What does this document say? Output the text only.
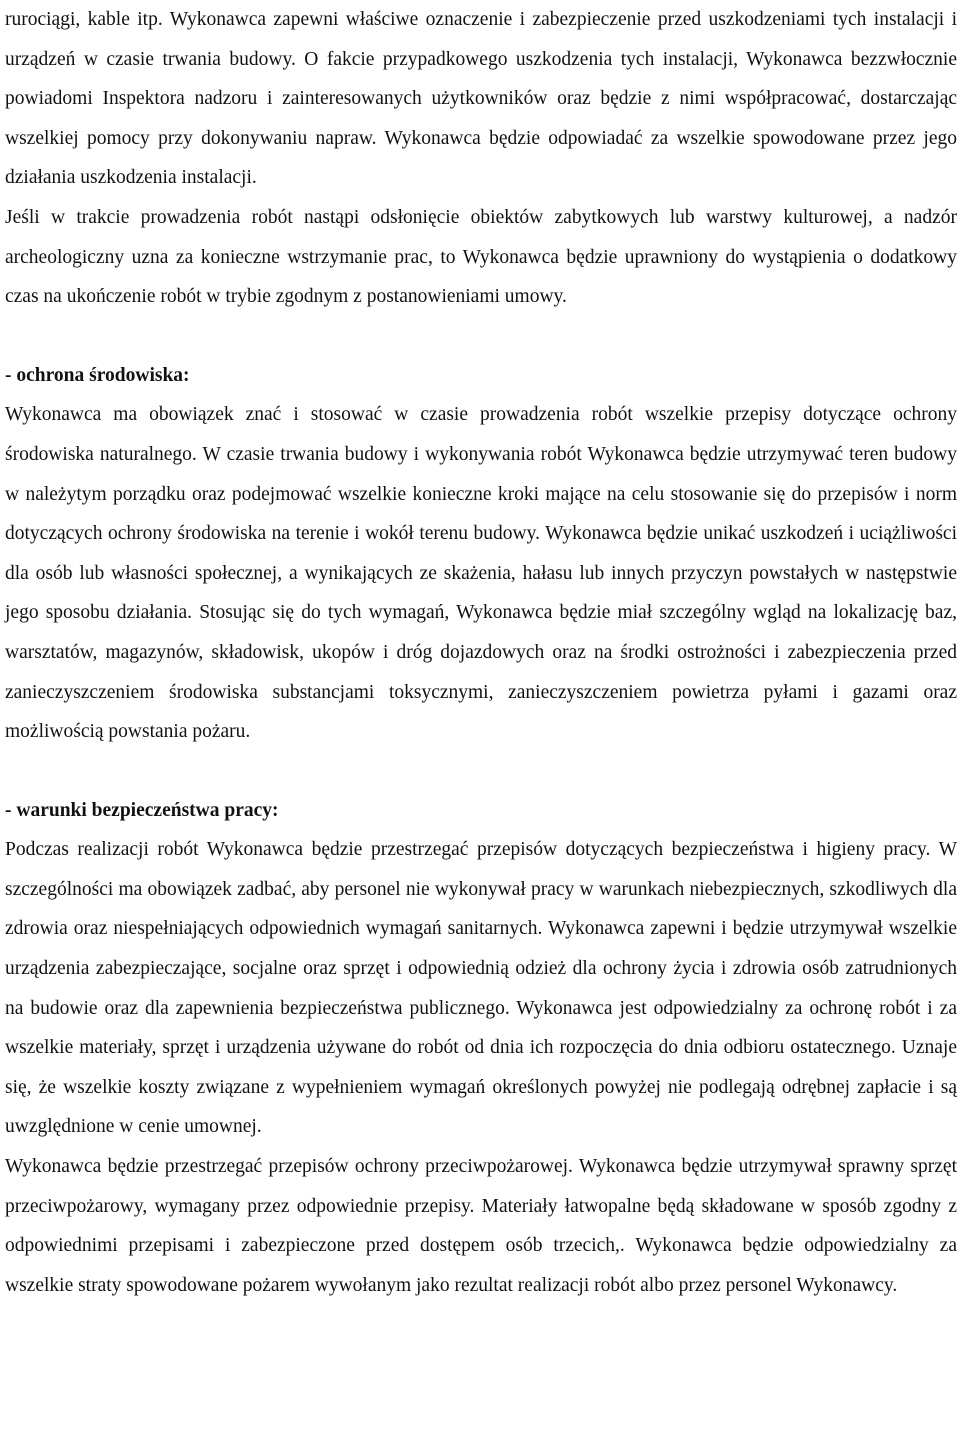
rurociągi, kable itp. Wykonawca zapewni właściwe oznaczenie i zabezpieczenie przed uszkodzeniami tych instalacji i urządzeń w czasie trwania budowy. O fakcie przypadkowego uszkodzenia tych instalacji, Wykonawca bezzwłocznie powiadomi Inspektora nadzoru i zainteresowanych użytkowników oraz będzie z nimi współpracować, dostarczając wszelkiej pomocy przy dokonywaniu napraw. Wykonawca będzie odpowiadać za wszelkie spowodowane przez jego działania uszkodzenia instalacji.

Jeśli w trakcie prowadzenia robót nastąpi odsłonięcie obiektów zabytkowych lub warstwy kulturowej, a nadzór archeologiczny uzna za konieczne wstrzymanie prac, to Wykonawca będzie uprawniony do wystąpienia o dodatkowy czas na ukończenie robót w trybie zgodnym z postanowieniami umowy.

- ochrona środowiska:

Wykonawca ma obowiązek znać i stosować w czasie prowadzenia robót wszelkie przepisy dotyczące ochrony środowiska naturalnego. W czasie trwania budowy i wykonywania robót Wykonawca będzie utrzymywać teren budowy w należytym porządku oraz podejmować wszelkie konieczne kroki mające na celu stosowanie się do przepisów i norm dotyczących ochrony środowiska na terenie i wokół terenu budowy. Wykonawca będzie unikać uszkodzeń i uciążliwości dla osób lub własności społecznej, a wynikających ze skażenia, hałasu lub innych przyczyn powstałych w następstwie jego sposobu działania. Stosując się do tych wymagań, Wykonawca będzie miał szczególny wgląd na lokalizację baz, warsztatów, magazynów, składowisk, ukopów i dróg dojazdowych oraz na środki ostrożności i zabezpieczenia przed zanieczyszczeniem środowiska substancjami toksycznymi, zanieczyszczeniem powietrza pyłami i gazami oraz możliwością powstania pożaru.

- warunki bezpieczeństwa pracy:

Podczas realizacji robót Wykonawca będzie przestrzegać przepisów dotyczących bezpieczeństwa i higieny pracy. W szczególności ma obowiązek zadbać, aby personel nie wykonywał pracy w warunkach niebezpiecznych, szkodliwych dla zdrowia oraz niespełniających odpowiednich wymagań sanitarnych. Wykonawca zapewni i będzie utrzymywał wszelkie urządzenia zabezpieczające, socjalne oraz sprzęt i odpowiednią odzież dla ochrony życia i zdrowia osób zatrudnionych na budowie oraz dla zapewnienia bezpieczeństwa publicznego. Wykonawca jest odpowiedzialny za ochronę robót i za wszelkie materiały, sprzęt i urządzenia używane do robót od dnia ich rozpoczęcia do dnia odbioru ostatecznego. Uznaje się, że wszelkie koszty związane z wypełnieniem wymagań określonych powyżej nie podlegają odrębnej zapłacie i są uwzględnione w cenie umownej.

Wykonawca będzie przestrzegać przepisów ochrony przeciwpożarowej. Wykonawca będzie utrzymywał sprawny sprzęt przeciwpożarowy, wymagany przez odpowiednie przepisy. Materiały łatwopalne będą składowane w sposób zgodny z odpowiednimi przepisami i zabezpieczone przed dostępem osób trzecich,. Wykonawca będzie odpowiedzialny za wszelkie straty spowodowane pożarem wywołanym jako rezultat realizacji robót albo przez personel Wykonawcy.
